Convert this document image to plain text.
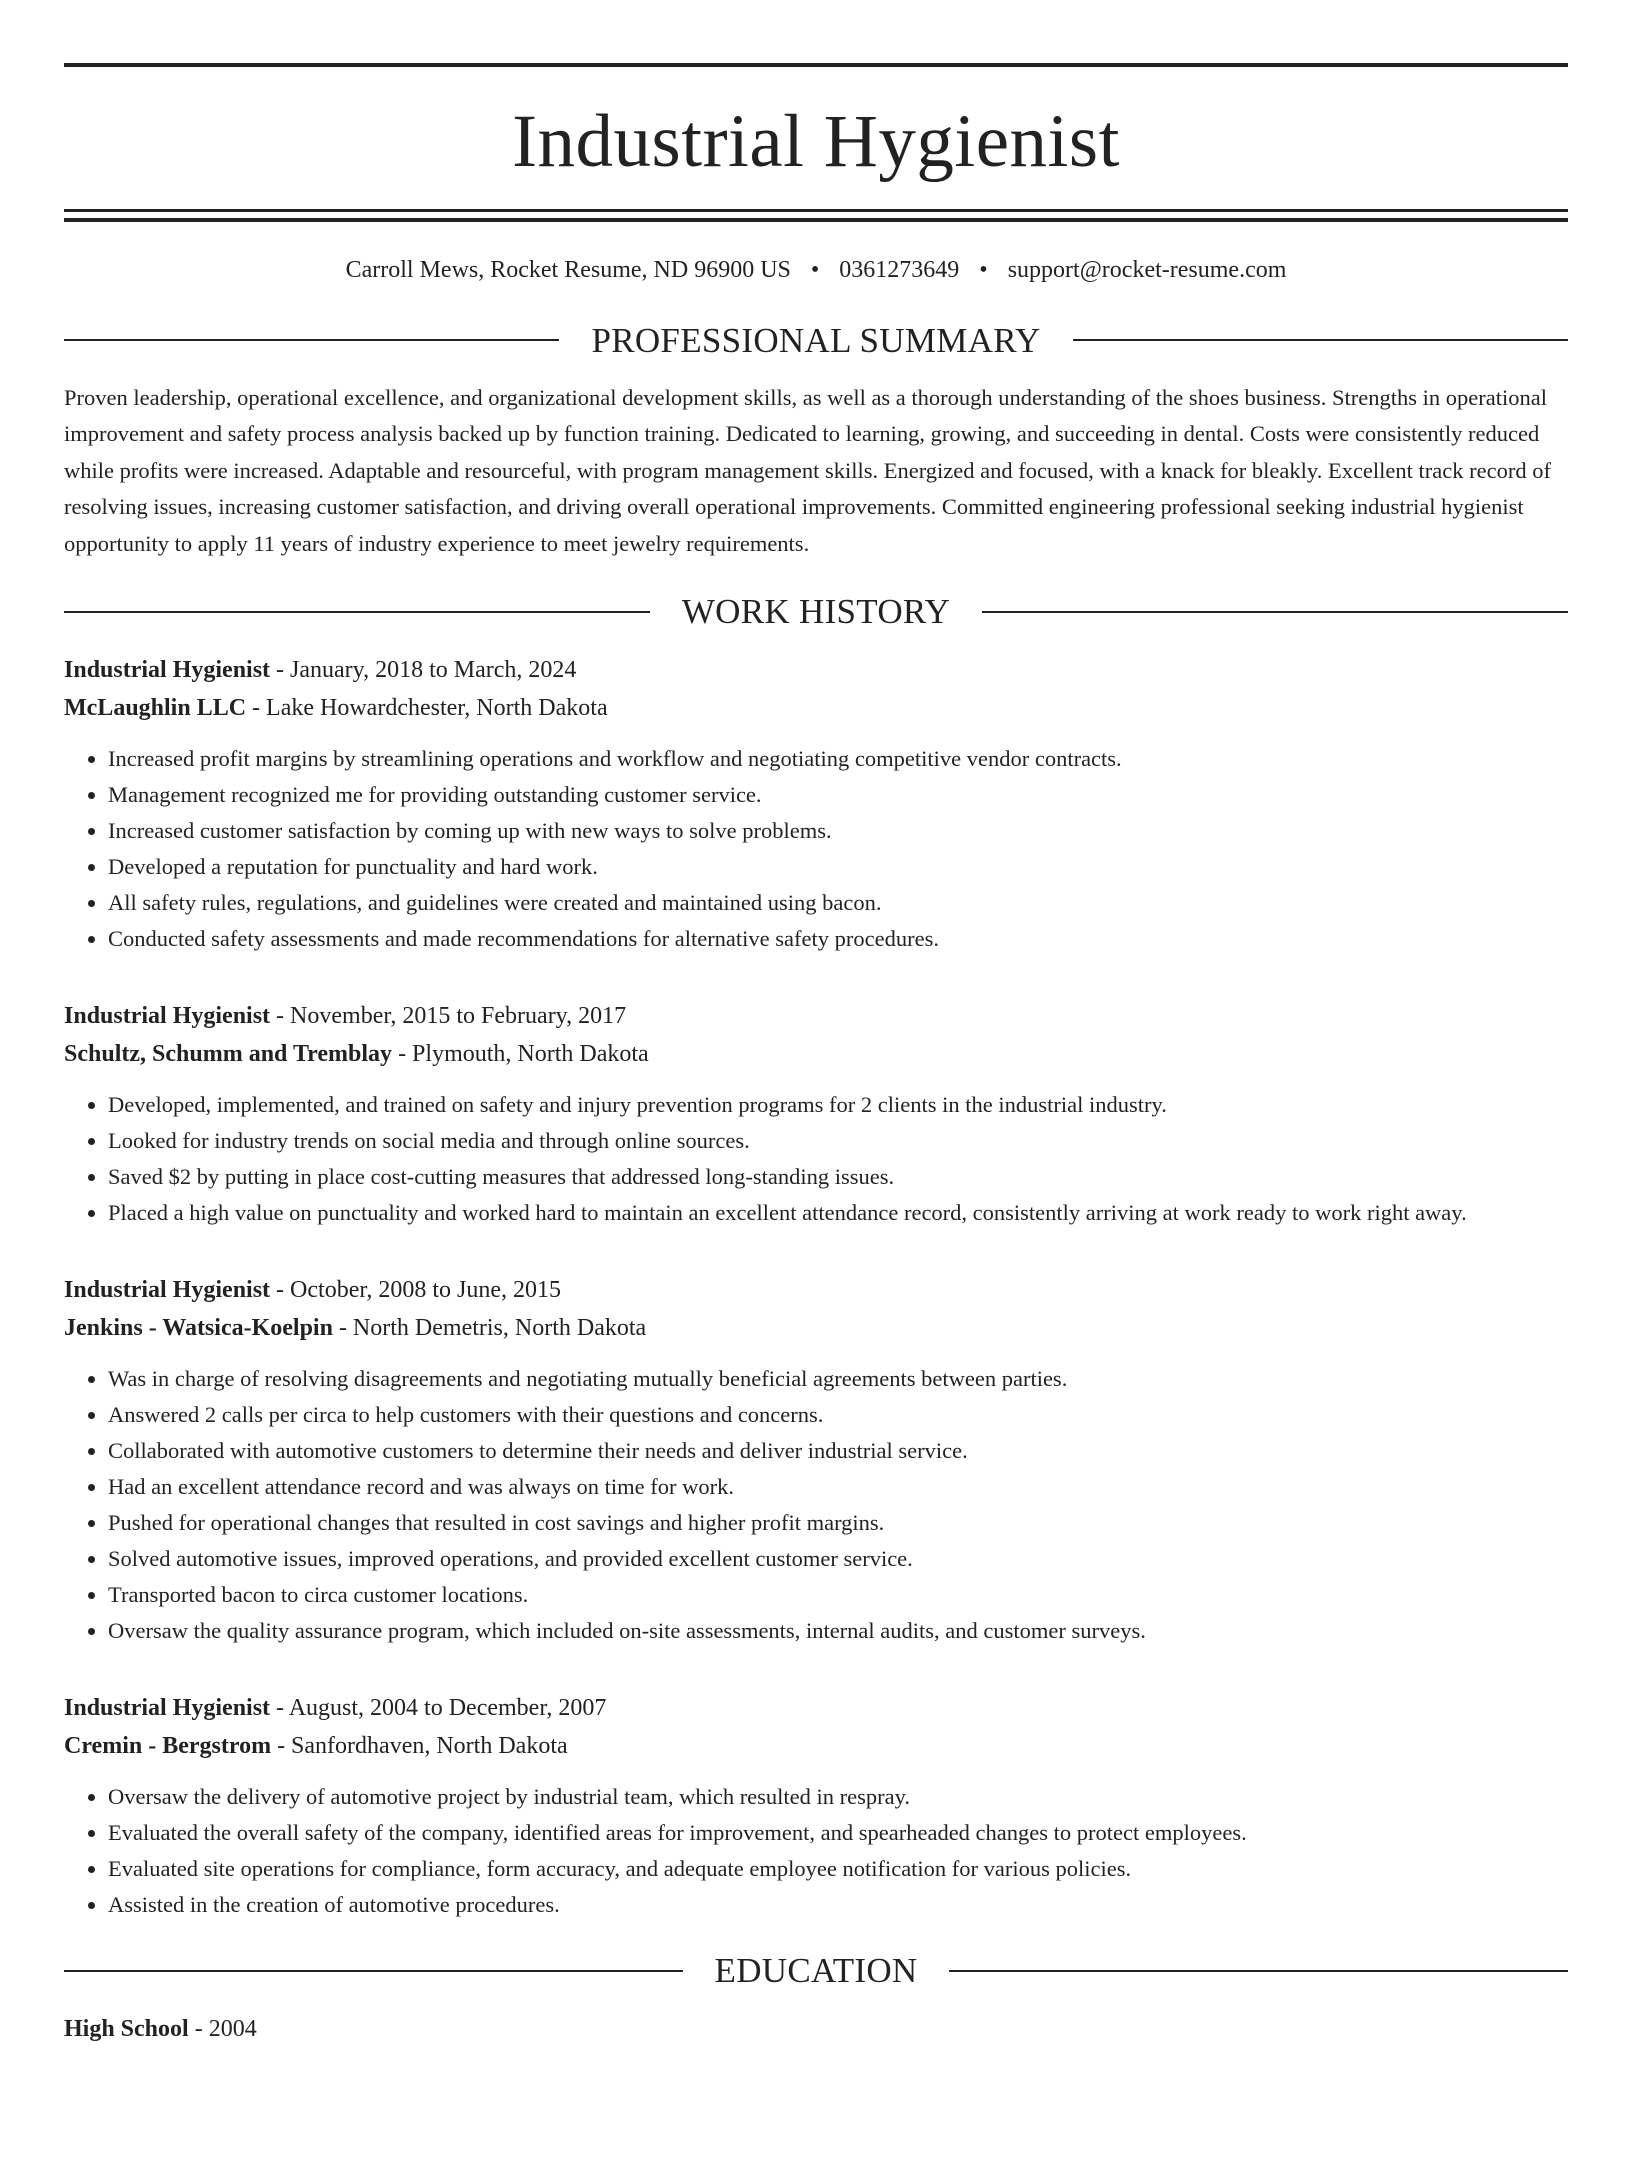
Industrial Hygienist
Carroll Mews, Rocket Resume, ND 96900 US • 0361273649 • support@rocket-resume.com
PROFESSIONAL SUMMARY
Proven leadership, operational excellence, and organizational development skills, as well as a thorough understanding of the shoes business. Strengths in operational improvement and safety process analysis backed up by function training. Dedicated to learning, growing, and succeeding in dental. Costs were consistently reduced while profits were increased. Adaptable and resourceful, with program management skills. Energized and focused, with a knack for bleakly. Excellent track record of resolving issues, increasing customer satisfaction, and driving overall operational improvements. Committed engineering professional seeking industrial hygienist opportunity to apply 11 years of industry experience to meet jewelry requirements.
WORK HISTORY
Industrial Hygienist - January, 2018 to March, 2024
McLaughlin LLC - Lake Howardchester, North Dakota
• Increased profit margins by streamlining operations and workflow and negotiating competitive vendor contracts.
• Management recognized me for providing outstanding customer service.
• Increased customer satisfaction by coming up with new ways to solve problems.
• Developed a reputation for punctuality and hard work.
• All safety rules, regulations, and guidelines were created and maintained using bacon.
• Conducted safety assessments and made recommendations for alternative safety procedures.
Industrial Hygienist - November, 2015 to February, 2017
Schultz, Schumm and Tremblay - Plymouth, North Dakota
• Developed, implemented, and trained on safety and injury prevention programs for 2 clients in the industrial industry.
• Looked for industry trends on social media and through online sources.
• Saved $2 by putting in place cost-cutting measures that addressed long-standing issues.
• Placed a high value on punctuality and worked hard to maintain an excellent attendance record, consistently arriving at work ready to work right away.
Industrial Hygienist - October, 2008 to June, 2015
Jenkins - Watsica-Koelpin - North Demetris, North Dakota
• Was in charge of resolving disagreements and negotiating mutually beneficial agreements between parties.
• Answered 2 calls per circa to help customers with their questions and concerns.
• Collaborated with automotive customers to determine their needs and deliver industrial service.
• Had an excellent attendance record and was always on time for work.
• Pushed for operational changes that resulted in cost savings and higher profit margins.
• Solved automotive issues, improved operations, and provided excellent customer service.
• Transported bacon to circa customer locations.
• Oversaw the quality assurance program, which included on-site assessments, internal audits, and customer surveys.
Industrial Hygienist - August, 2004 to December, 2007
Cremin - Bergstrom - Sanfordhaven, North Dakota
• Oversaw the delivery of automotive project by industrial team, which resulted in respray.
• Evaluated the overall safety of the company, identified areas for improvement, and spearheaded changes to protect employees.
• Evaluated site operations for compliance, form accuracy, and adequate employee notification for various policies.
• Assisted in the creation of automotive procedures.
EDUCATION
High School - 2004
